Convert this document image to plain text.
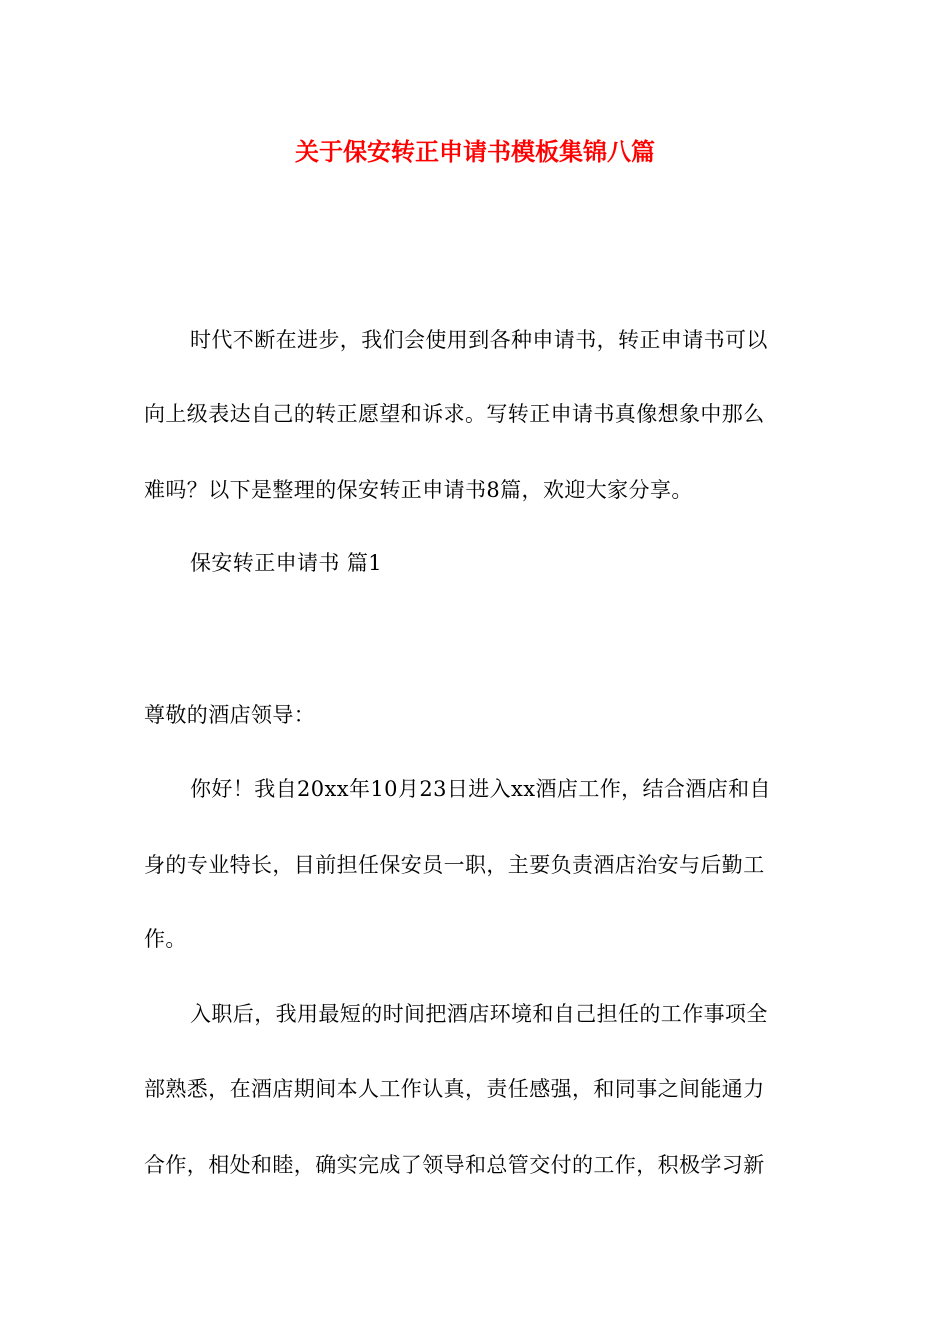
关于保安转正申请书模板集锦八篇
时代不断在进步，我们会使用到各种申请书，转正申请书可以
向上级表达自己的转正愿望和诉求。写转正申请书真像想象中那么
难吗？以下是整理的保安转正申请书8篇，欢迎大家分享。
保安转正申请书 篇1
尊敬的酒店领导：
你好！我自20xx年10月23日进入xx酒店工作，结合酒店和自
身的专业特长，目前担任保安员一职，主要负责酒店治安与后勤工
作。
入职后，我用最短的时间把酒店环境和自己担任的工作事项全
部熟悉，在酒店期间本人工作认真，责任感强，和同事之间能通力
合作，相处和睦，确实完成了领导和总管交付的工作，积极学习新
